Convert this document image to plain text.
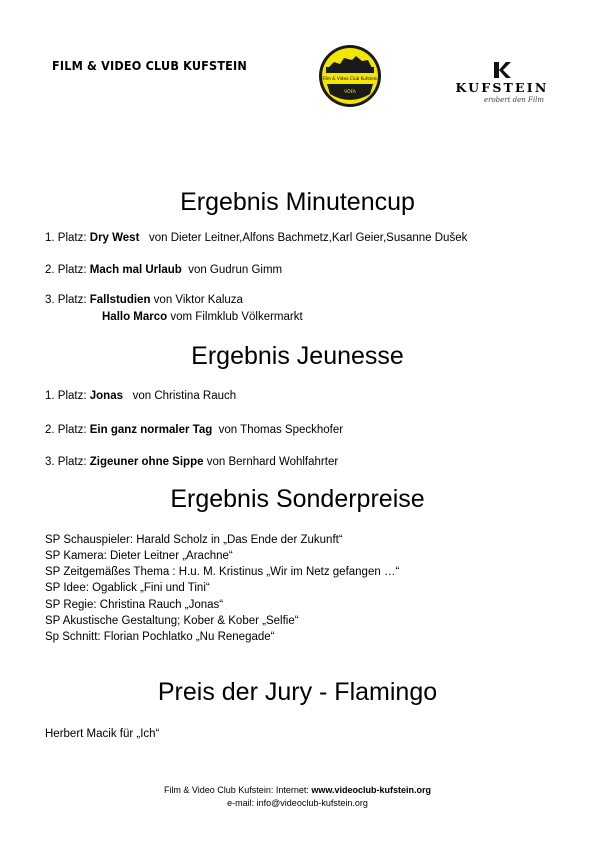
FILM & VIDEO CLUB KUFSTEIN
Film & Video Club Kufstein
VÖFA	KUFSTEIN
erobert den Film
Ergebnis Minutencup
1. Platz: Dry West von Dieter Leitner,Alfons Bachmetz,Karl Geier,Susanne Dušek
2. Platz: Mach mal Urlaub von Gudrun Gimm
3. Platz: Fallstudien von Viktor Kaluza
Hallo Marco vom Filmklub Völkermarkt
Ergebnis Jeunesse
1. Platz: Jonas von Christina Rauch
2. Platz: Ein ganz normaler Tag von Thomas Speckhofer
3. Platz: Zigeuner ohne Sippe von Bernhard Wohlfahrter
Ergebnis Sonderpreise
SP Schauspieler: Harald Scholz in „Das Ende der Zukunft“
SP Kamera: Dieter Leitner „Arachne“
SP Zeitgemäßes Thema : H.u. M. Kristinus „Wir im Netz gefangen …“
SP Idee: Ogablick „Fini und Tini“
SP Regie: Christina Rauch „Jonas“
SP Akustische Gestaltung; Kober & Kober „Selfie“
Sp Schnitt: Florian Pochlatko „Nu Renegade“
Preis der Jury - Flamingo
Herbert Macik für „Ich“
Film & Video Club Kufstein: Internet: www.videoclub-kufstein.org
e-mail: info@videoclub-kufstein.org
